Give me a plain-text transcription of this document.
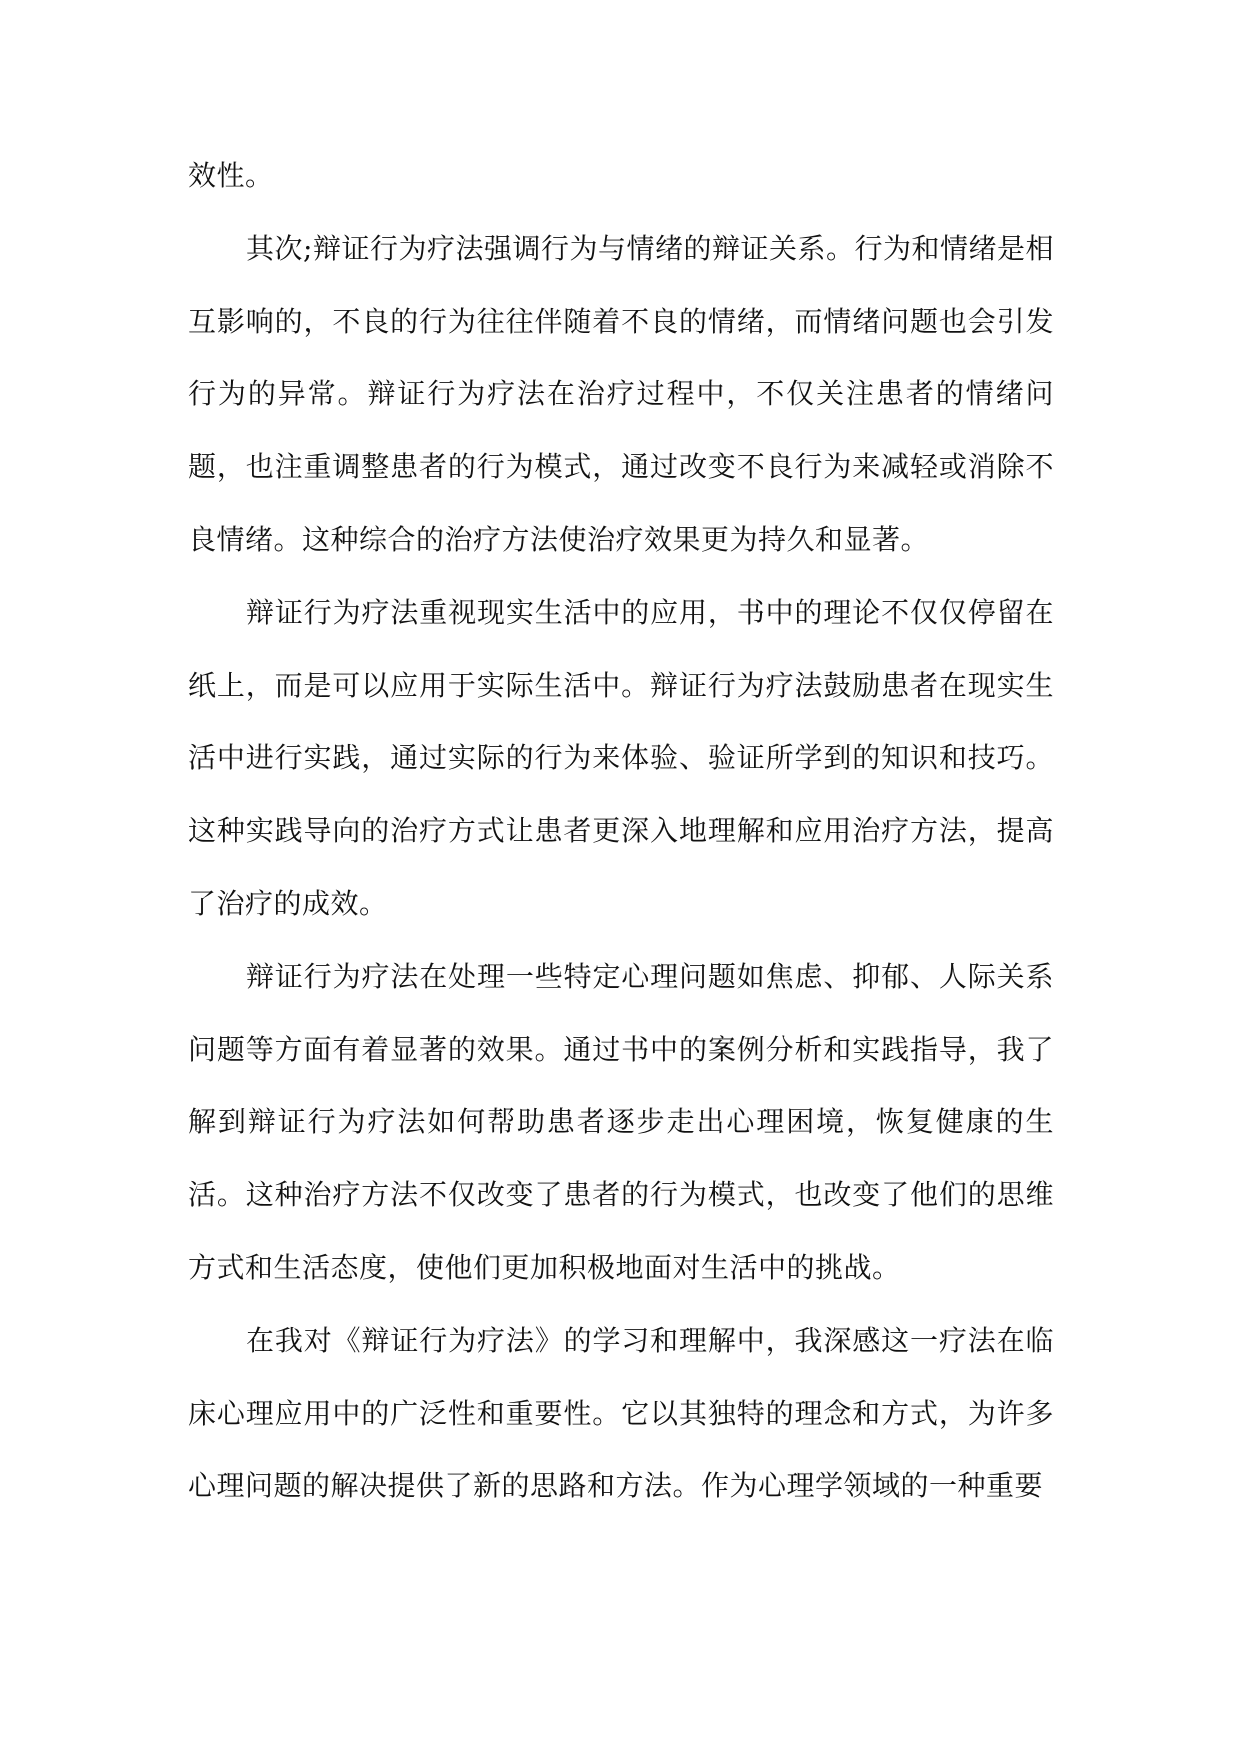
效性。

其次;辩证行为疗法强调行为与情绪的辩证关系。行为和情绪是相互影响的，不良的行为往往伴随着不良的情绪，而情绪问题也会引发行为的异常。辩证行为疗法在治疗过程中，不仅关注患者的情绪问题，也注重调整患者的行为模式，通过改变不良行为来减轻或消除不良情绪。这种综合的治疗方法使治疗效果更为持久和显著。

辩证行为疗法重视现实生活中的应用，书中的理论不仅仅停留在纸上，而是可以应用于实际生活中。辩证行为疗法鼓励患者在现实生活中进行实践，通过实际的行为来体验、验证所学到的知识和技巧。这种实践导向的治疗方式让患者更深入地理解和应用治疗方法，提高了治疗的成效。

辩证行为疗法在处理一些特定心理问题如焦虑、抑郁、人际关系问题等方面有着显著的效果。通过书中的案例分析和实践指导，我了解到辩证行为疗法如何帮助患者逐步走出心理困境，恢复健康的生活。这种治疗方法不仅改变了患者的行为模式，也改变了他们的思维方式和生活态度，使他们更加积极地面对生活中的挑战。

在我对《辩证行为疗法》的学习和理解中，我深感这一疗法在临床心理应用中的广泛性和重要性。它以其独特的理念和方式，为许多心理问题的解决提供了新的思路和方法。作为心理学领域的一种重要
